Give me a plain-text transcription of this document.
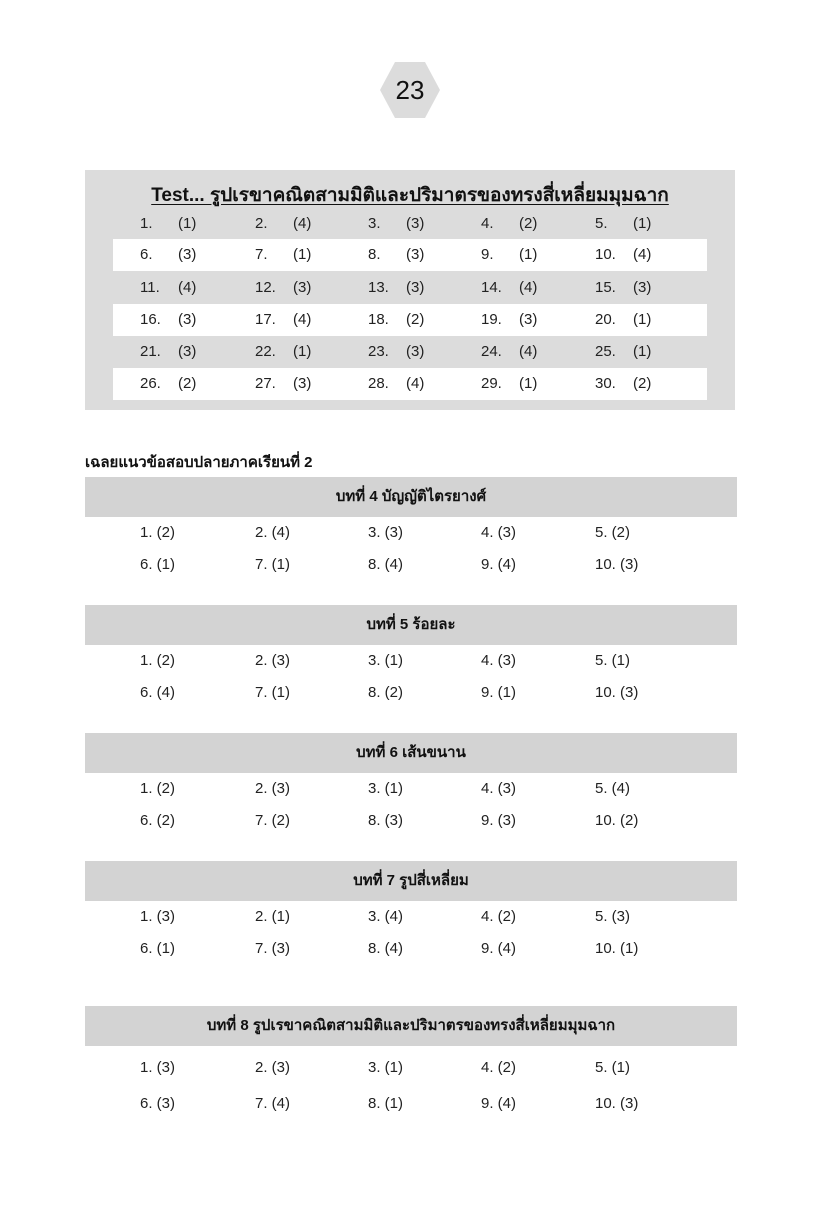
23
Test... รูปเรขาคณิตสามมิติและปริมาตรของทรงสี่เหลี่ยมมุมฉาก
1. (1)	2. (4)	3. (3)	4. (2)	5. (1)
6. (3)	7. (1)	8. (3)	9. (1)	10. (4)
11. (4)	12. (3)	13. (3)	14. (4)	15. (3)
16. (3)	17. (4)	18. (2)	19. (3)	20. (1)
21. (3)	22. (1)	23. (3)	24. (4)	25. (1)
26. (2)	27. (3)	28. (4)	29. (1)	30. (2)
เฉลยแนวข้อสอบปลายภาคเรียนที่ 2
บทที่ 4 บัญญัติไตรยางศ์
1. (2)	2. (4)	3. (3)	4. (3)	5. (2)
6. (1)	7. (1)	8. (4)	9. (4)	10. (3)
บทที่ 5 ร้อยละ
1. (2)	2. (3)	3. (1)	4. (3)	5. (1)
6. (4)	7. (1)	8. (2)	9. (1)	10. (3)
บทที่ 6 เส้นขนาน
1. (2)	2. (3)	3. (1)	4. (3)	5. (4)
6. (2)	7. (2)	8. (3)	9. (3)	10. (2)
บทที่ 7 รูปสี่เหลี่ยม
1. (3)	2. (1)	3. (4)	4. (2)	5. (3)
6. (1)	7. (3)	8. (4)	9. (4)	10. (1)
บทที่ 8 รูปเรขาคณิตสามมิติและปริมาตรของทรงสี่เหลี่ยมมุมฉาก
1. (3)	2. (3)	3. (1)	4. (2)	5. (1)
6. (3)	7. (4)	8. (1)	9. (4)	10. (3)
